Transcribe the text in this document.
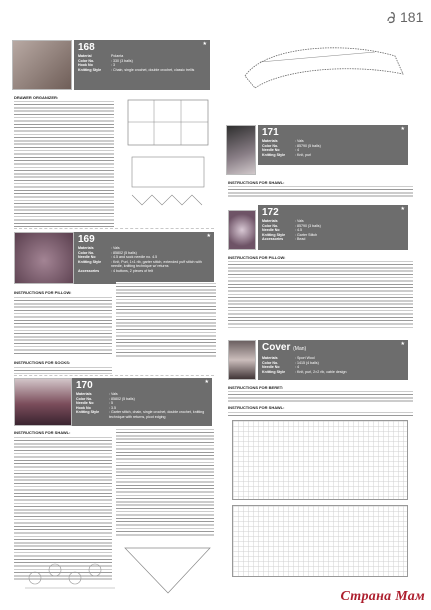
181
168	★
Material	Polanta
Color No.	: 330 (3 balls)
Hook No	: 3
Knitting Style	: Chain, single crochet, double crochet, classic trellis
DRAWER ORGANIZER:
171	★
Materials	: Vals
Color No.	: 85790 (5 balls)
Needle No	: 4
Knitting Style	: Knit, purl
INSTRUCTIONS FOR SHAWL:
172	★
Materials	: Vals
Color No.	: 85790 (3 balls)
Needle No	: 4.5
Knitting Style	: Garter Stitch
Accessories	: Bead
INSTRUCTIONS FOR PILLOW:
169	★
Materials	: Vals
Color No.	: 85802 (5 balls)
Needle No	: 4.5 and sock needle no. 4.5
Knitting Style	: Knit, Purl, 1×1 rib, garter stitch, extended puff stitch with needle, knitting technique w/ returns
Accessories	: 4 buttons, 2 pieces of felt
INSTRUCTIONS FOR PILLOW:
INSTRUCTIONS FOR SOCKS:
170	★
Materials	: Vals
Color No.	: 85802 (5 balls)
Needle No	: 5
Hook No	: 3.5
Knitting Style	: Garter stitch, chain, single crochet, double crochet, knitting technique with returns, picot edging
INSTRUCTIONS FOR SHAWL:
Cover (Man)
★
Materials	: Sport Wool
Color No.	: 1415 (4 balls)
Needle No	: 4
Knitting Style	: Knit, purl, 2×2 rib, cable design
INSTRUCTIONS FOR BERET:
INSTRUCTIONS FOR SHAWL:
Страна Мам
